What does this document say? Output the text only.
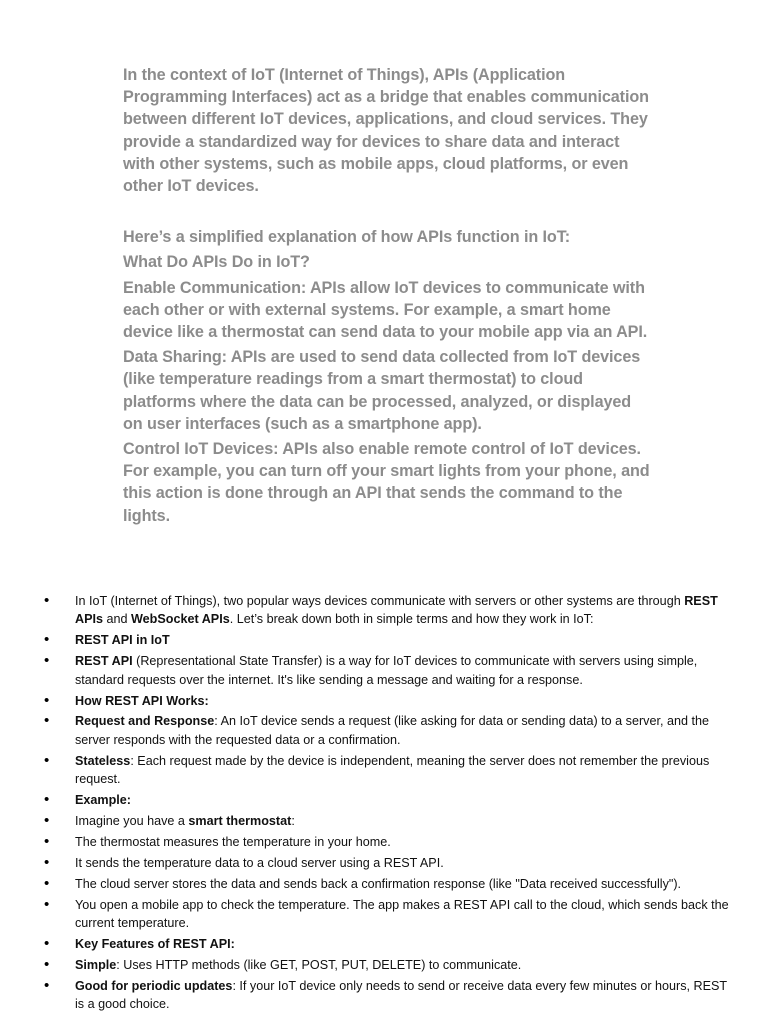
In the context of IoT (Internet of Things), APIs (Application Programming Interfaces) act as a bridge that enables communication between different IoT devices, applications, and cloud services. They provide a standardized way for devices to share data and interact with other systems, such as mobile apps, cloud platforms, or even other IoT devices.

Here’s a simplified explanation of how APIs function in IoT:

What Do APIs Do in IoT?

Enable Communication: APIs allow IoT devices to communicate with each other or with external systems. For example, a smart home device like a thermostat can send data to your mobile app via an API.

Data Sharing: APIs are used to send data collected from IoT devices (like temperature readings from a smart thermostat) to cloud platforms where the data can be processed, analyzed, or displayed on user interfaces (such as a smartphone app).

Control IoT Devices: APIs also enable remote control of IoT devices. For example, you can turn off your smart lights from your phone, and this action is done through an API that sends the command to the lights.

• In IoT (Internet of Things), two popular ways devices communicate with servers or other systems are through REST APIs and WebSocket APIs. Let’s break down both in simple terms and how they work in IoT:
• REST API in IoT
• REST API (Representational State Transfer) is a way for IoT devices to communicate with servers using simple, standard requests over the internet. It's like sending a message and waiting for a response.
• How REST API Works:
• Request and Response: An IoT device sends a request (like asking for data or sending data) to a server, and the server responds with the requested data or a confirmation.
• Stateless: Each request made by the device is independent, meaning the server does not remember the previous request.
• Example:
• Imagine you have a smart thermostat:
• The thermostat measures the temperature in your home.
• It sends the temperature data to a cloud server using a REST API.
• The cloud server stores the data and sends back a confirmation response (like "Data received successfully").
• You open a mobile app to check the temperature. The app makes a REST API call to the cloud, which sends back the current temperature.
• Key Features of REST API:
• Simple: Uses HTTP methods (like GET, POST, PUT, DELETE) to communicate.
• Good for periodic updates: If your IoT device only needs to send or receive data every few minutes or hours, REST is a good choice.
